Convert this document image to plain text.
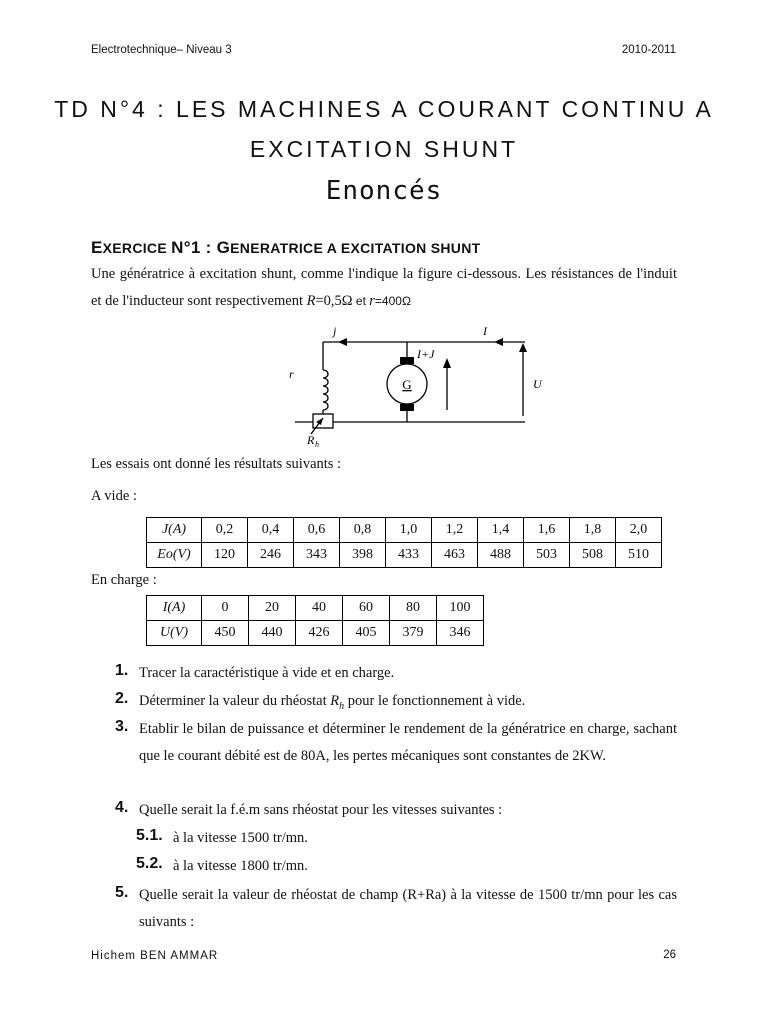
Electrotechnique– Niveau 3	2010-2011
TD N°4 : LES MACHINES A COURANT CONTINU A
EXCITATION SHUNT
Enoncés
EXERCICE N°1 : GENERATRICE A EXCITATION SHUNT
Une génératrice à excitation shunt, comme l'indique la figure ci-dessous. Les résistances de l'induit et de l'inducteur sont respectivement R=0,5Ω et r=400Ω
j	I
I+J
r
U
R h
G
Les essais ont donné les résultats suivants :
A vide :
J(A)	0,2	0,4	0,6	0,8	1,0	1,2	1,4	1,6	1,8	2,0
Eo(V)	120	246	343	398	433	463	488	503	508	510
En charge :
I(A)	0	20	40	60	80	100
U(V)	450	440	426	405	379	346
1. Tracer la caractéristique à vide et en charge.
2. Déterminer la valeur du rhéostat $R_h$ pour le fonctionnement à vide.
3. Etablir le bilan de puissance et déterminer le rendement de la génératrice en charge, sachant que le courant débité est de 80A, les pertes mécaniques sont constantes de 2KW.
4. Quelle serait la f.é.m sans rhéostat pour les vitesses suivantes :
5.1. à la vitesse 1500 tr/mn.
5.2. à la vitesse 1800 tr/mn.
5. Quelle serait la valeur de rhéostat de champ (R+Ra) à la vitesse de 1500 tr/mn pour les cas suivants :
Hichem BEN AMMAR	26
